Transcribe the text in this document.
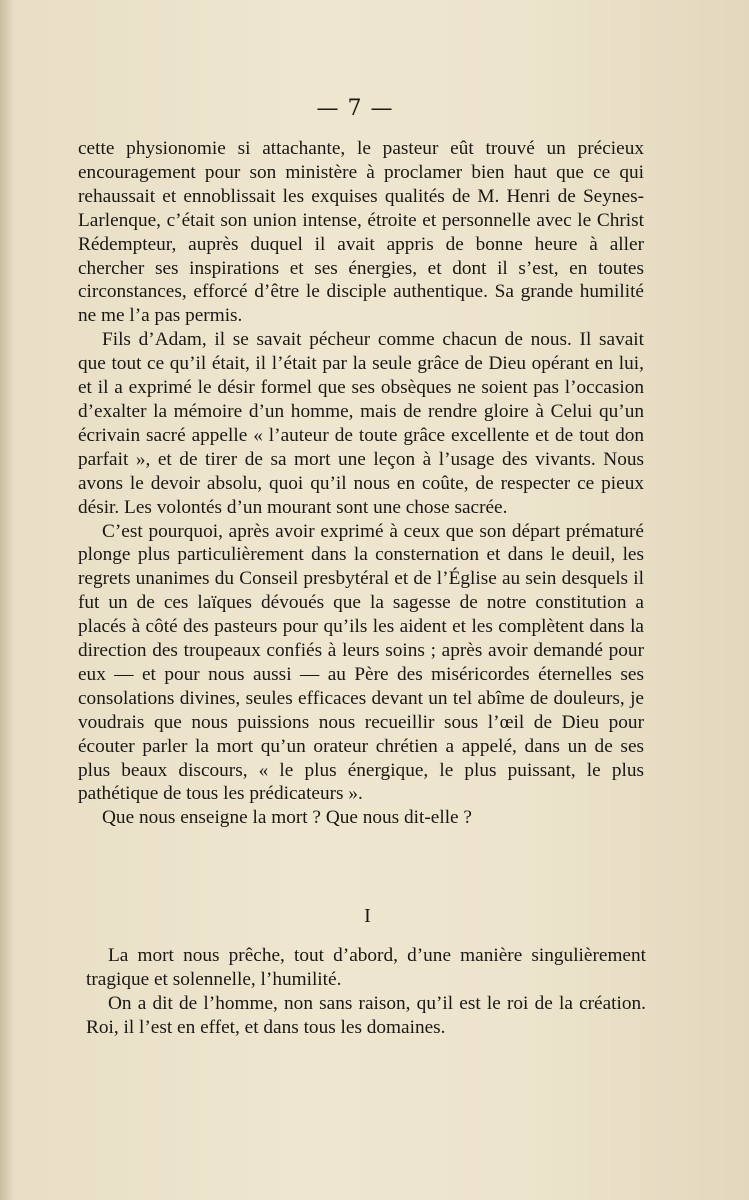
— 7 —

cette physionomie si attachante, le pasteur eût trouvé un précieux encouragement pour son ministère à proclamer bien haut que ce qui rehaussait et ennoblissait les exquises qualités de M. Henri de Seynes-Larlenque, c’était son union intense, étroite et personnelle avec le Christ Rédempteur, auprès duquel il avait appris de bonne heure à aller chercher ses inspirations et ses énergies, et dont il s’est, en toutes circonstances, efforcé d’être le disciple authentique. Sa grande humilité ne me l’a pas permis.

Fils d’Adam, il se savait pécheur comme chacun de nous. Il savait que tout ce qu’il était, il l’était par la seule grâce de Dieu opérant en lui, et il a exprimé le désir formel que ses obsèques ne soient pas l’occasion d’exalter la mémoire d’un homme, mais de rendre gloire à Celui qu’un écrivain sacré appelle « l’auteur de toute grâce excellente et de tout don parfait », et de tirer de sa mort une leçon à l’usage des vivants. Nous avons le devoir absolu, quoi qu’il nous en coûte, de respecter ce pieux désir. Les volontés d’un mourant sont une chose sacrée.

C’est pourquoi, après avoir exprimé à ceux que son départ prématuré plonge plus particulièrement dans la consternation et dans le deuil, les regrets unanimes du Conseil presbytéral et de l’Église au sein desquels il fut un de ces laïques dévoués que la sagesse de notre constitution a placés à côté des pasteurs pour qu’ils les aident et les complètent dans la direction des troupeaux confiés à leurs soins ; après avoir demandé pour eux — et pour nous aussi — au Père des miséricordes éternelles ses consolations divines, seules efficaces devant un tel abîme de douleurs, je voudrais que nous puissions nous recueillir sous l’œil de Dieu pour écouter parler la mort qu’un orateur chrétien a appelé, dans un de ses plus beaux discours, « le plus énergique, le plus puissant, le plus pathétique de tous les prédicateurs ».

Que nous enseigne la mort ? Que nous dit-elle ?

I

La mort nous prêche, tout d’abord, d’une manière singulièrement tragique et solennelle, l’humilité.

On a dit de l’homme, non sans raison, qu’il est le roi de la création. Roi, il l’est en effet, et dans tous les domaines.
